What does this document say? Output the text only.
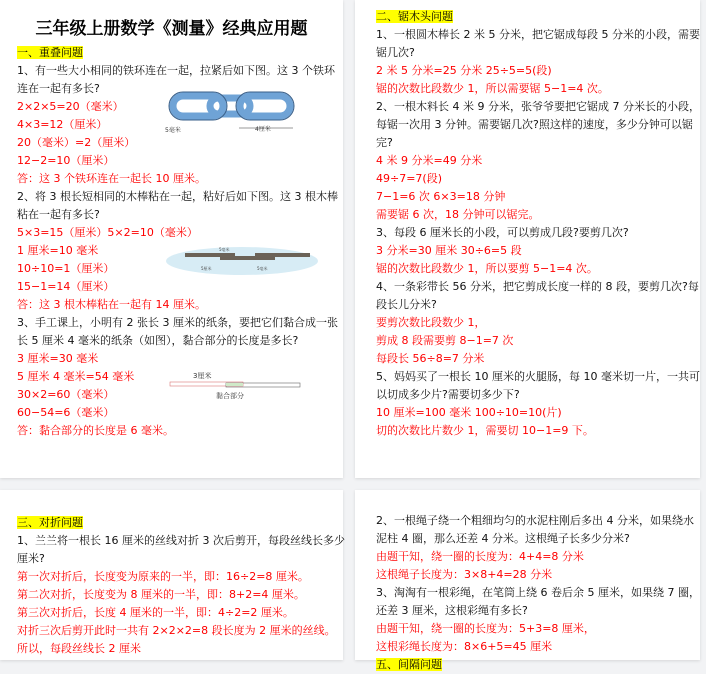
三年级上册数学《测量》经典应用题
一、重叠问题
1、有一些大小相同的铁环连在一起，拉紧后如下图。这 3 个铁环
连在一起有多长?
2×2×5=20（毫米）
4×3=12（厘米）
20（毫米）=2（厘米）
12−2=10（厘米）
答：这 3 个铁环连在一起长 10 厘米。
2、将 3 根长短相同的木棒粘在一起，粘好后如下图。这 3 根木棒
粘在一起有多长?
5×3=15（厘米）5×2=10（毫米）
1 厘米=10 毫米
10÷10=1（厘米）
15−1=14（厘米）
答：这 3 根木棒粘在一起有 14 厘米。
3、手工课上，小明有 2 张长 3 厘米的纸条，要把它们黏合成一张
长 5 厘米 4 毫米的纸条（如图），黏合部分的长度是多长?
3 厘米=30 毫米
5 厘米 4 毫米=54 毫米
30×2=60（毫米）
60−54=6（毫米）
答：黏合部分的长度是 6 毫米。
5毫米	4厘米
5毫米
5厘米	5毫米
3厘米
黏合部分
二、锯木头问题
1、一根圆木棒长 2 米 5 分米，把它锯成每段 5 分米的小段，需要
锯几次?
2 米 5 分米=25 分米 25÷5=5(段)
锯的次数比段数少 1，所以需要锯 5−1=4 次。
2、一根木料长 4 米 9 分米，张爷爷要把它锯成 7 分米长的小段，
每锯一次用 3 分钟。需要锯几次?照这样的速度，多少分钟可以锯
完?
4 米 9 分米=49 分米
49÷7=7(段)
7−1=6 次 6×3=18 分钟
需要锯 6 次，18 分钟可以锯完。
3、每段 6 厘米长的小段，可以剪成几段?要剪几次?
3 分米=30 厘米 30÷6=5 段
锯的次数比段数少 1，所以要剪 5−1=4 次。
4、一条彩带长 56 分米，把它剪成长度一样的 8 段，要剪几次?每
段长儿分米?
要剪次数比段数少 1，
剪成 8 段需要剪 8−1=7 次
每段长 56÷8=7 分米
5、妈妈买了一根长 10 厘米的火腿肠，每 10 毫米切一片，一共可
以切成多少片?需要切多少下?
10 厘米=100 毫米 100÷10=10(片)
切的次数比片数少 1，需要切 10−1=9 下。
三、对折问题
1、兰兰将一根长 16 厘米的丝线对折 3 次后剪开，每段丝线长多少
厘米?
第一次对折后，长度变为原来的一半，即：16÷2=8 厘米。
第二次对折，长度变为 8 厘米的一半，即：8+2=4 厘米。
第三次对折后，长度 4 厘米的一半，即：4÷2=2 厘米。
对折三次后剪开此时一共有 2×2×2=8 段长度为 2 厘米的丝线。
所以，每段丝线长 2 厘米
2、一根绳子绕一个粗细均匀的水泥柱刚后多出 4 分米，如果绕水
泥柱 4 圈，那么还差 4 分米。这根绳子长多少分米?
由题干知，绕一圈的长度为：4+4=8 分米
这根绳子长度为：3×8+4=28 分米
3、淘淘有一根彩绳，在笔筒上绕 6 卷后余 5 厘米，如果绕 7 圈，
还差 3 厘米，这根彩绳有多长?
由题干知，绕一圈的长度为：5+3=8 厘米，
这根彩绳长度为：8×6+5=45 厘米
五、间隔问题
